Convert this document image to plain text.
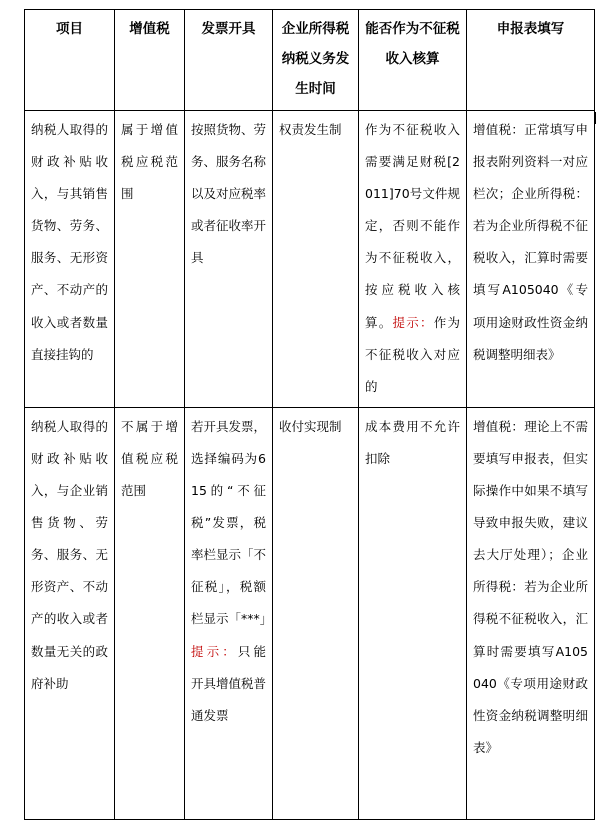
项目	增值税	发票开具	企业所得税纳税义务发生时间	能否作为不征税收入核算	申报表填写
纳税人取得的财政补贴收入，与其销售货物、劳务、服务、无形资产、不动产的收入或者数量直接挂钩的	属于增值税应税范围	按照货物、劳务、服务名称以及对应税率或者征收率开具	权责发生制	作为不征税收入需要满足财税[2011]70号文件规定，否则不能作为不征税收入，按应税收入核算。提示：作为不征税收入对应的	增值税：正常填写申报表附列资料一对应栏次；企业所得税：若为企业所得税不征税收入，汇算时需要填写A105040《专项用途财政性资金纳税调整明细表》
纳税人取得的财政补贴收入，与企业销售货物、劳务、服务、无形资产、不动产的收入或者数量无关的政府补助	不属于增值税应税范围	若开具发票，选择编码为615的“不征税”发票，税率栏显示「不征税」，税额栏显示「***」提示：只能开具增值税普通发票	收付实现制	成本费用不允许扣除	增值税：理论上不需要填写申报表，但实际操作中如果不填写导致申报失败，建议去大厅处理）；企业所得税：若为企业所得税不征税收入，汇算时需要填写A105040《专项用途财政性资金纳税调整明细表》
